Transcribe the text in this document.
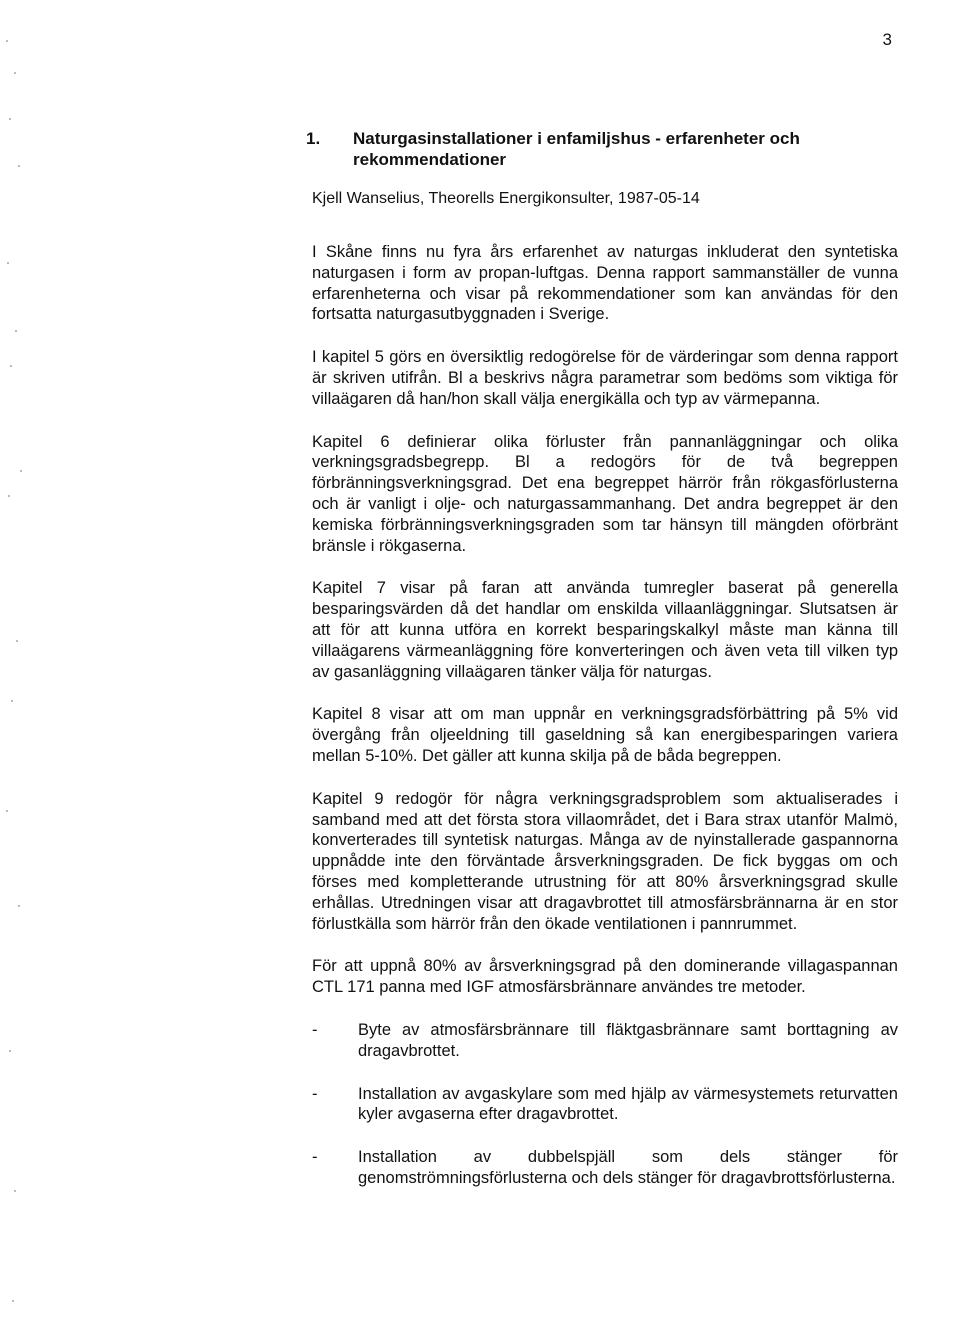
3
1.	Naturgasinstallationer i enfamiljshus - erfarenheter och
rekommendationer
Kjell Wanselius, Theorells Energikonsulter, 1987-05-14

I Skåne finns nu fyra års erfarenhet av naturgas inkluderat den syntetiska naturgasen i form av propan-luftgas. Denna rapport sammanställer de vunna erfarenheterna och visar på rekommendationer som kan användas för den fortsatta naturgasutbyggnaden i Sverige.

I kapitel 5 görs en översiktlig redogörelse för de värderingar som denna rapport är skriven utifrån. Bl a beskrivs några parametrar som bedöms som viktiga för villaägaren då han/hon skall välja energikälla och typ av värmepanna.

Kapitel 6 definierar olika förluster från pannanläggningar och olika verkningsgradsbegrepp. Bl a redogörs för de två begreppen förbränningsverkningsgrad. Det ena begreppet härrör från rökgasförlusterna och är vanligt i olje- och naturgassammanhang. Det andra begreppet är den kemiska förbränningsverkningsgraden som tar hänsyn till mängden oförbränt bränsle i rökgaserna.

Kapitel 7 visar på faran att använda tumregler baserat på generella besparingsvärden då det handlar om enskilda villaanläggningar. Slutsatsen är att för att kunna utföra en korrekt besparingskalkyl måste man känna till villaägarens värmeanläggning före konverteringen och även veta till vilken typ av gasanläggning villaägaren tänker välja för naturgas.

Kapitel 8 visar att om man uppnår en verkningsgradsförbättring på 5% vid övergång från oljeeldning till gaseldning så kan energibesparingen variera mellan 5-10%. Det gäller att kunna skilja på de båda begreppen.

Kapitel 9 redogör för några verkningsgradsproblem som aktualiserades i samband med att det första stora villaområdet, det i Bara strax utanför Malmö, konverterades till syntetisk naturgas. Många av de nyinstallerade gaspannorna uppnådde inte den förväntade årsverkningsgraden. De fick byggas om och förses med kompletterande utrustning för att 80% årsverkningsgrad skulle erhållas. Utredningen visar att dragavbrottet till atmosfärsbrännarna är en stor förlustkälla som härrör från den ökade ventilationen i pannrummet.

För att uppnå 80% av årsverkningsgrad på den dominerande villagaspannan CTL 171 panna med IGF atmosfärsbrännare användes tre metoder.

- Byte av atmosfärsbrännare till fläktgasbrännare samt borttagning av dragavbrottet.
- Installation av avgaskylare som med hjälp av värmesystemets returvatten kyler avgaserna efter dragavbrottet.
- Installation av dubbelspjäll som dels stänger för genomströmningsförlusterna och dels stänger för dragavbrottsförlusterna.
